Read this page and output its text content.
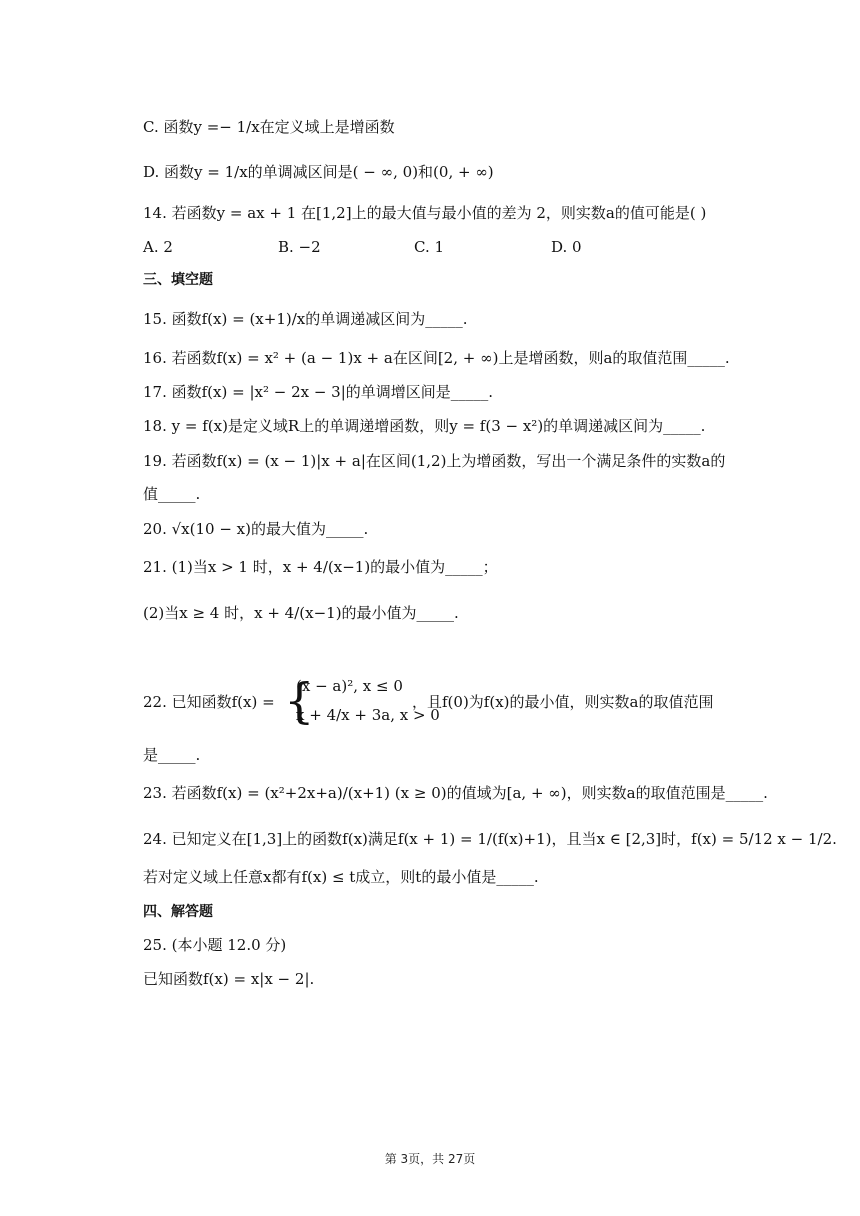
C. 函数y =− 1/x在定义域上是增函数
D. 函数y = 1/x的单调减区间是( − ∞, 0)和(0, + ∞)
14. 若函数y = ax + 1 在[1,2]上的最大值与最小值的差为 2，则实数a的值可能是( )
A. 2	B. −2	C. 1	D. 0
三、填空题
15. 函数f(x) = (x+1)/x的单调递减区间为_____.
16. 若函数f(x) = x² + (a − 1)x + a在区间[2, + ∞)上是增函数，则a的取值范围_____.
17. 函数f(x) = |x² − 2x − 3|的单调增区间是_____.
18. y = f(x)是定义域R上的单调递增函数，则y = f(3 − x²)的单调递减区间为_____.
19. 若函数f(x) = (x − 1)|x + a|在区间(1,2)上为增函数，写出一个满足条件的实数a的
值_____.
20. √x(10 − x)的最大值为_____.
21. (1)当x > 1 时，x + 4/(x−1)的最小值为_____；
(2)当x ≥ 4 时，x + 4/(x−1)的最小值为_____.
22. 已知函数f(x) = {
(x − a)², x ≤ 0
x + 4/x + 3a, x > 0
，且f(0)为f(x)的最小值，则实数a的取值范围
是_____.
23. 若函数f(x) = (x²+2x+a)/(x+1) (x ≥ 0)的值域为[a, + ∞)，则实数a的取值范围是_____.
24. 已知定义在[1,3]上的函数f(x)满足f(x + 1) = 1/(f(x)+1)，且当x ∈ [2,3]时，f(x) = 5/12 x − 1/2.
若对定义域上任意x都有f(x) ≤ t成立，则t的最小值是_____.
四、解答题
25. (本小题 12.0 分)
已知函数f(x) = x|x − 2|.
第 3页，共 27页
